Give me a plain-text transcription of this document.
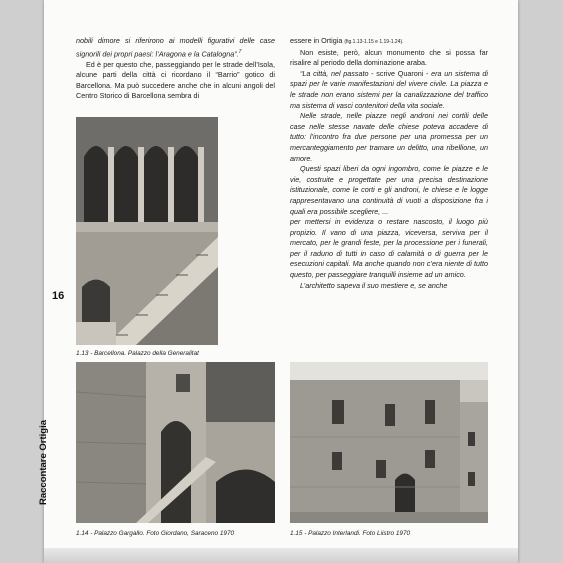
16
Raccontare Ortigia

nobili dimore si riferirono ai modelli figurativi delle case signorili dei propri paesi: l’Aragona e la Catalogna”.$^7$

Ed è per questo che, passeggiando per le strade dell’Isola, alcune parti della città ci ricordano il “Barrio” gotico di Barcellona. Ma può succedere anche che in alcuni angoli del Centro Storico di Barcellona sembra di

essere in Ortigia (fig.1.13-1.15 e 1.19-1.24).

Non esiste, però, alcun monumento che si possa far risalire al periodo della dominazione araba.

“La città, nel passato - scrive Quaroni - era un sistema di spazi per le varie manifestazioni del vivere civile. La piazza e le strade non erano sistemi per la canalizzazione del traffico ma sistema di vasci contenitori della vita sociale.

Nelle strade, nelle piazze negli androni nei cortili delle case nelle stesse navate delle chiese poteva accadere di tutto: l’incontro fra due persone per una promessa per un mercanteggiamento per tramare un delitto, una ribellione, un amore.

Questi spazi liberi da ogni ingombro, come le piazze e le vie, costruite e progettate per una precisa destinazione istituzionale, come le corti e gli androni, le chiese e le logge rappresentavano una continuità di vuoti a disposizione fra i quali era possibile scegliere, ...

per mettersi in evidenza o restare nascosto, il luogo più propizio. Il vano di una piazza, viceversa, serviva per il mercato, per le grandi feste, per la processione per i funerali, per il raduno di tutti in caso di calamità o di guerra per le esecuzioni capitali. Ma anche quando non c’era niente di tutto questo, per passeggiare tranquilli insieme ad un amico.

L’architetto sapeva il suo mestiere e, se anche

1.13 - Barcellona. Palazzo della Generalitat
1.14 - Palazzo Gargallo. Foto Giordano, Saraceno 1970	1.15 - Palazzo Interlandi. Foto Liistro 1970
